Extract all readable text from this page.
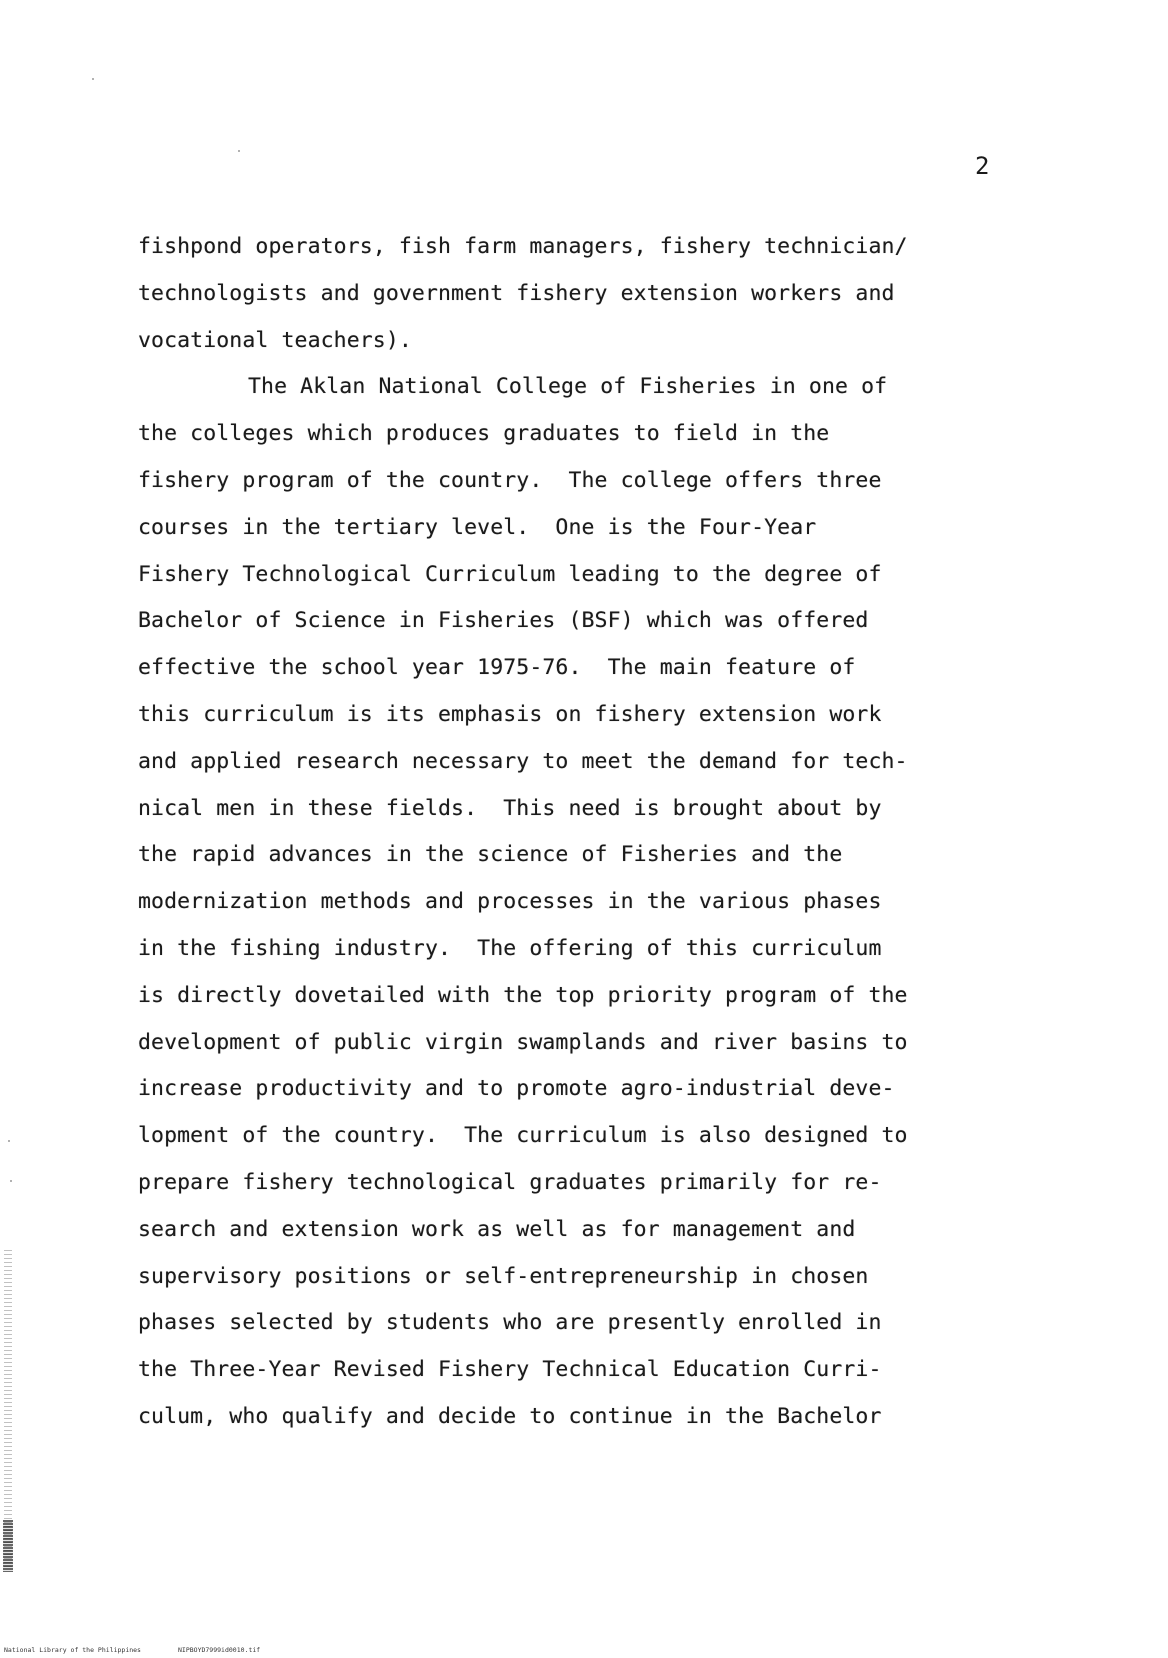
2
fishpond operators, fish farm managers, fishery technician/
technologists and government fishery extension workers and
vocational teachers).
The Aklan National College of Fisheries in one of
the colleges which produces graduates to field in the
fishery program of the country.  The college offers three
courses in the tertiary level.  One is the Four-Year
Fishery Technological Curriculum leading to the degree of
Bachelor of Science in Fisheries (BSF) which was offered
effective the school year 1975-76.  The main feature of
this curriculum is its emphasis on fishery extension work
and applied research necessary to meet the demand for tech-
nical men in these fields.  This need is brought about by
the rapid advances in the science of Fisheries and the
modernization methods and processes in the various phases
in the fishing industry.  The offering of this curriculum
is directly dovetailed with the top priority program of the
development of public virgin swamplands and river basins to
increase productivity and to promote agro-industrial deve-
lopment of the country.  The curriculum is also designed to
prepare fishery technological graduates primarily for re-
search and extension work as well as for management and
supervisory positions or self-entrepreneurship in chosen
phases selected by students who are presently enrolled in
the Three-Year Revised Fishery Technical Education Curri-
culum, who qualify and decide to continue in the Bachelor
National Library of the Philippines	NIPBOYD7999id0010.tif
